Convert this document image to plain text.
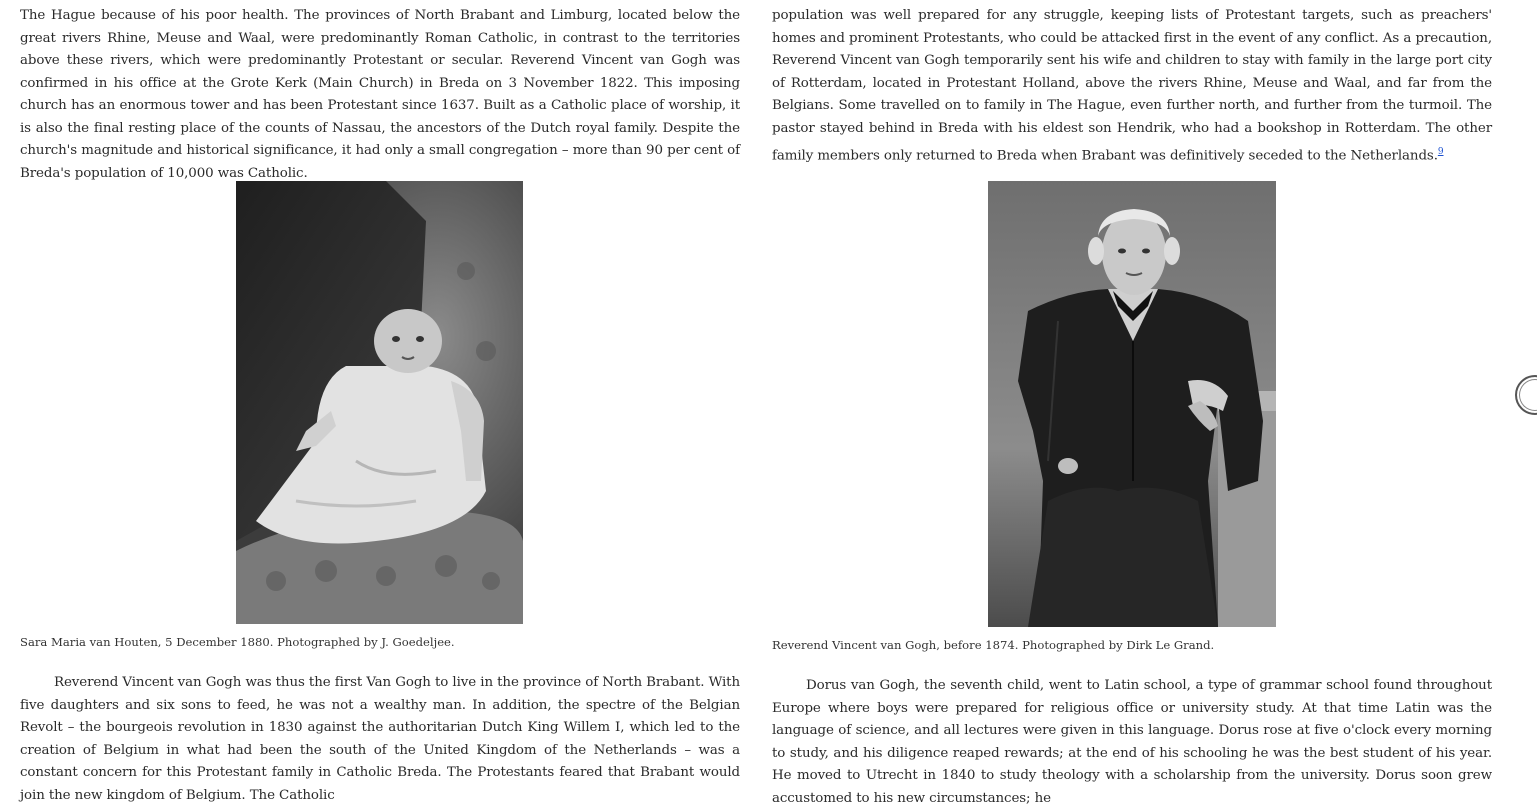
The Hague because of his poor health. The provinces of North Brabant and Limburg, located below the great rivers Rhine, Meuse and Waal, were predominantly Roman Catholic, in contrast to the territories above these rivers, which were predominantly Protestant or secular. Reverend Vincent van Gogh was confirmed in his office at the Grote Kerk (Main Church) in Breda on 3 November 1822. This imposing church has an enormous tower and has been Protestant since 1637. Built as a Catholic place of worship, it is also the final resting place of the counts of Nassau, the ancestors of the Dutch royal family. Despite the church's magnitude and historical significance, it had only a small congregation – more than 90 per cent of Breda's population of 10,000 was Catholic.

Sara Maria van Houten, 5 December 1880. Photographed by J. Goedeljee.

Reverend Vincent van Gogh was thus the first Van Gogh to live in the province of North Brabant. With five daughters and six sons to feed, he was not a wealthy man. In addition, the spectre of the Belgian Revolt – the bourgeois revolution in 1830 against the authoritarian Dutch King Willem I, which led to the creation of Belgium in what had been the south of the United Kingdom of the Netherlands – was a constant concern for this Protestant family in Catholic Breda. The Protestants feared that Brabant would join the new kingdom of Belgium. The Catholic

population was well prepared for any struggle, keeping lists of Protestant targets, such as preachers' homes and prominent Protestants, who could be attacked first in the event of any conflict. As a precaution, Reverend Vincent van Gogh temporarily sent his wife and children to stay with family in the large port city of Rotterdam, located in Protestant Holland, above the rivers Rhine, Meuse and Waal, and far from the Belgians. Some travelled on to family in The Hague, even further north, and further from the turmoil. The pastor stayed behind in Breda with his eldest son Hendrik, who had a bookshop in Rotterdam. The other family members only returned to Breda when Brabant was definitively seceded to the Netherlands.$^9$

Reverend Vincent van Gogh, before 1874. Photographed by Dirk Le Grand.

Dorus van Gogh, the seventh child, went to Latin school, a type of grammar school found throughout Europe where boys were prepared for religious office or university study. At that time Latin was the language of science, and all lectures were given in this language. Dorus rose at five o'clock every morning to study, and his diligence reaped rewards; at the end of his schooling he was the best student of his year. He moved to Utrecht in 1840 to study theology with a scholarship from the university. Dorus soon grew accustomed to his new circumstances; he
